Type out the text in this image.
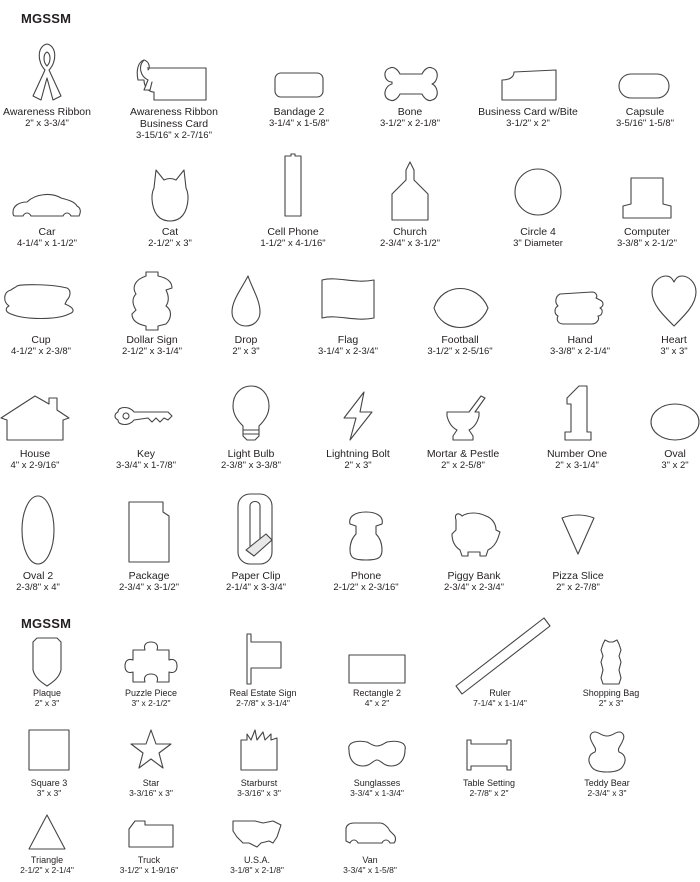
MGSSM
MGSSM
Awareness Ribbon
2" x 3-3/4"
Awareness Ribbon Business Card
3-15/16" x 2-7/16"
Bandage 2
3-1/4" x 1-5/8"
Bone
3-1/2" x 2-1/8"
Business Card w/Bite
3-1/2" x 2"
Capsule
3-5/16" 1-5/8"
Car
4-1/4" x 1-1/2"
Cat
2-1/2" x 3"
Cell Phone
1-1/2" x 4-1/16"
Church
2-3/4" x 3-1/2"
Circle 4
3" Diameter
Computer
3-3/8" x 2-1/2"
Cup
4-1/2" x 2-3/8"
Dollar Sign
2-1/2" x 3-1/4"
Drop
2" x 3"
Flag
3-1/4" x 2-3/4"
Football
3-1/2" x 2-5/16"
Hand
3-3/8" x 2-1/4"
Heart
3" x 3"
House
4" x 2-9/16"
Key
3-3/4" x 1-7/8"
Light Bulb
2-3/8" x 3-3/8"
Lightning Bolt
2" x 3"
Mortar & Pestle
2" x 2-5/8"
Number One
2" x 3-1/4"
Oval
3" x 2"
Oval 2
2-3/8" x 4"
Package
2-3/4" x 3-1/2"
Paper Clip
2-1/4" x 3-3/4"
Phone
2-1/2" x 2-3/16"
Piggy Bank
2-3/4" x 2-3/4"
Pizza Slice
2" x 2-7/8"
Plaque
2" x 3"
Puzzle Piece
3" x 2-1/2"
Real Estate Sign
2-7/8" x 3-1/4"
Rectangle 2
4" x 2"
Ruler
7-1/4" x 1-1/4"
Shopping Bag
2" x 3"
Square 3
3" x 3"
Star
3-3/16" x 3"
Starburst
3-3/16" x 3"
Sunglasses
3-3/4" x 1-3/4"
Table Setting
2-7/8" x 2"
Teddy Bear
2-3/4" x 3"
Triangle
2-1/2" x 2-1/4"
Truck
3-1/2" x 1-9/16"
U.S.A.
3-1/8" x 2-1/8"
Van
3-3/4" x 1-5/8"
